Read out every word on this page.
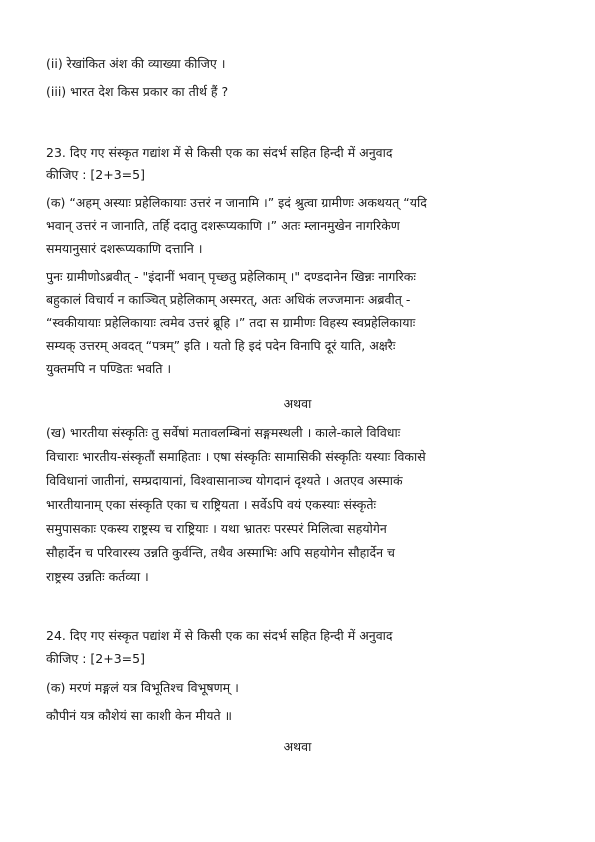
(ii) रेखांकित अंश की व्याख्या कीजिए ।
(iii) भारत देश किस प्रकार का तीर्थ हैं ?
23. दिए गए संस्कृत गद्यांश में से किसी एक का संदर्भ सहित हिन्दी में अनुवाद
कीजिए : [2+3=5]
(क) “अहम् अस्याः प्रहेलिकायाः उत्तरं न जानामि ।” इदं श्रुत्वा ग्रामीणः अकथयत् “यदि
भवान् उत्तरं न जानाति, तर्हि ददातु दशरूप्यकाणि ।” अतः म्लानमुखेन नागरिकेण
समयानुसारं दशरूप्यकाणि दत्तानि ।
पुनः ग्रामीणोऽब्रवीत् - "इंदानीं भवान् पृच्छतु प्रहेलिकाम् ।" दण्डदानेन खिन्नः नागरिकः
बहुकालं विचार्य न काञ्चित् प्रहेलिकाम् अस्मरत्, अतः अधिकं लज्जमानः अब्रवीत् -
“स्वकीयायाः प्रहेलिकायाः त्वमेव उत्तरं ब्रूहि ।” तदा स ग्रामीणः विहस्य स्वप्रहेलिकायाः
सम्यक् उत्तरम् अवदत् “पत्रम्” इति । यतो हि इदं पदेन विनापि दूरं याति, अक्षरैः
युक्तमपि न पण्डितः भवति ।
अथवा
(ख) भारतीया संस्कृतिः तु सर्वेषां मतावलम्बिनां सङ्गमस्थली । काले-काले विविधाः
विचाराः भारतीय-संस्कृतौं समाहिताः । एषा संस्कृतिः सामासिकी संस्कृतिः यस्याः विकासे
विविधानां जातीनां, सम्प्रदायानां, विश्वासानाञ्च योगदानं दृश्यते । अतएव अस्माकं
भारतीयानाम् एका संस्कृति एका च राष्ट्रियता । सर्वेऽपि वयं एकस्याः संस्कृतेः
समुपासकाः एकस्य राष्ट्रस्य च राष्ट्रियाः । यथा भ्रातरः परस्परं मिलित्वा सहयोगेन
सौहार्देन च परिवारस्य उन्नति कुर्वन्ति, तथैव अस्माभिः अपि सहयोगेन सौहार्देन च
राष्ट्रस्य उन्नतिः कर्तव्या ।
24. दिए गए संस्कृत पद्यांश में से किसी एक का संदर्भ सहित हिन्दी में अनुवाद
कीजिए : [2+3=5]
(क) मरणं मङ्गलं यत्र विभूतिश्च विभूषणम् ।
कौपीनं यत्र कौशेयं सा काशी केन मीयते ॥
अथवा
